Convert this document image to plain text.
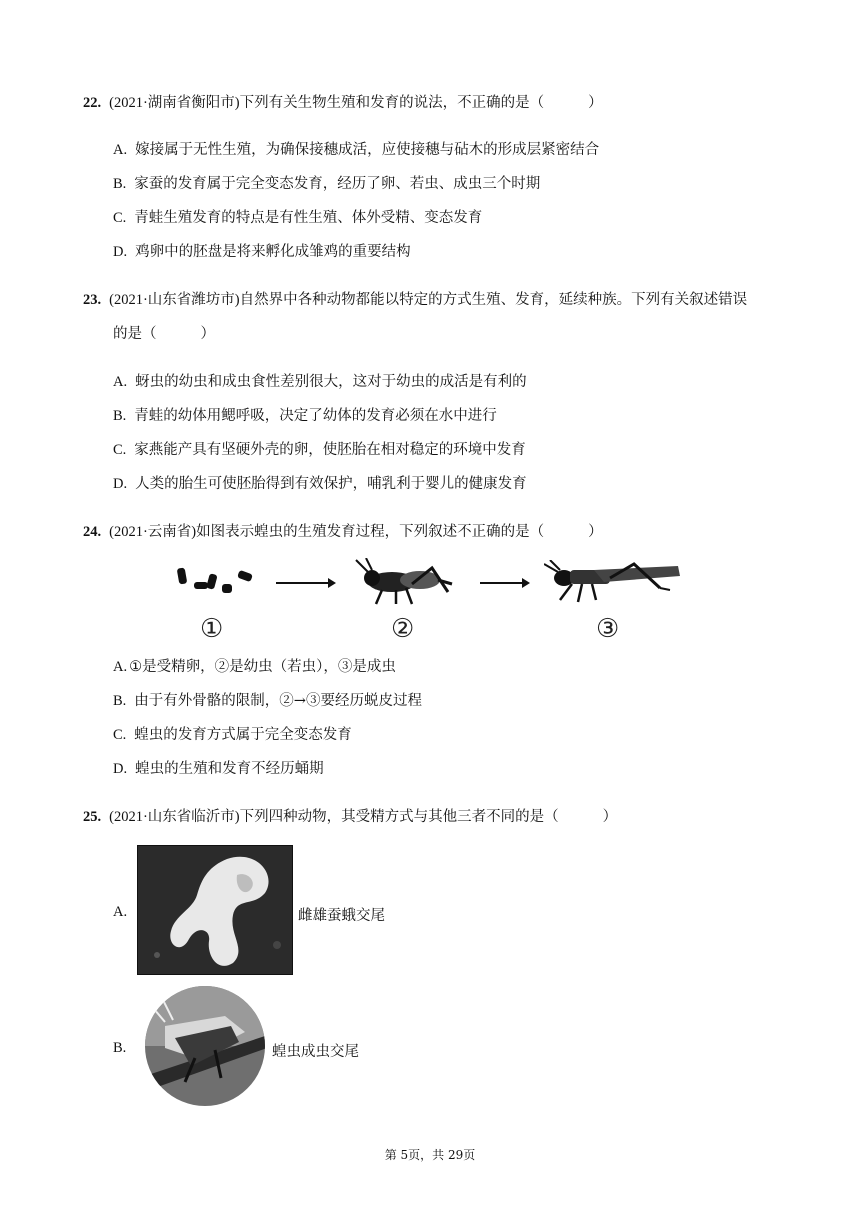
22. (2021·湖南省衡阳市)下列有关生物生殖和发育的说法，不正确的是（	）
A. 嫁接属于无性生殖，为确保接穗成活，应使接穗与砧木的形成层紧密结合
B. 家蚕的发育属于完全变态发育，经历了卵、若虫、成虫三个时期
C. 青蛙生殖发育的特点是有性生殖、体外受精、变态发育
D. 鸡卵中的胚盘是将来孵化成雏鸡的重要结构
23. (2021·山东省潍坊市)自然界中各种动物都能以特定的方式生殖、发育，延续种族。下列有关叙述错误
的是（	）
A. 蚜虫的幼虫和成虫食性差别很大，这对于幼虫的成活是有利的
B. 青蛙的幼体用鳃呼吸，决定了幼体的发育必须在水中进行
C. 家燕能产具有坚硬外壳的卵，使胚胎在相对稳定的环境中发育
D. 人类的胎生可使胚胎得到有效保护，哺乳利于婴儿的健康发育
24. (2021·云南省)如图表示蝗虫的生殖发育过程，下列叙述不正确的是（	）
①	②	③
A. ①是受精卵，②是幼虫（若虫），③是成虫
B. 由于有外骨骼的限制，②→③要经历蜕皮过程
C. 蝗虫的发育方式属于完全变态发育
D. 蝗虫的生殖和发育不经历蛹期
25. (2021·山东省临沂市)下列四种动物，其受精方式与其他三者不同的是（	）
A.	雌雄蚕蛾交尾
B.	蝗虫成虫交尾
第 5页，共 29页
